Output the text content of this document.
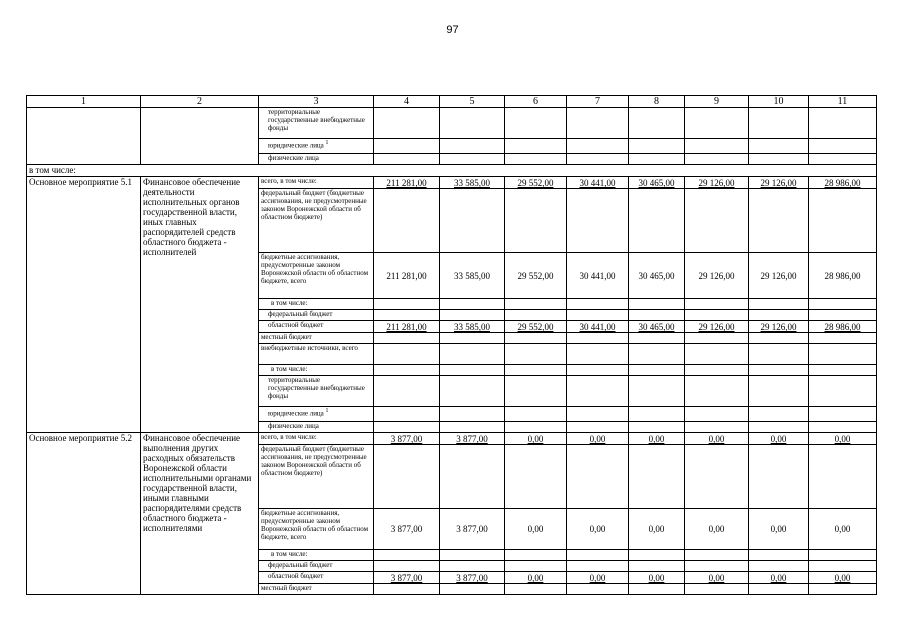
97
1	2	3	4	5	6	7	8	9	10	11
		территориальные государственные внебюджетные фонды								
		юридические лица $^1$								
		физические лица								
в том числе:										
Основное мероприятие 5.1	Финансовое обеспечение деятельности исполнительных органов государственной власти, иных главных распорядителей средств областного бюджета - исполнителей	всего, в том числе:	211 281,00	33 585,00	29 552,00	30 441,00	30 465,00	29 126,00	29 126,00	28 986,00
		федеральный бюджет (бюджетные ассигнования, не предусмотренные законом Воронежской области об областном бюджете)								
		бюджетные ассигнования, предусмотренные законом Воронежской области об областном бюджете, всего	211 281,00	33 585,00	29 552,00	30 441,00	30 465,00	29 126,00	29 126,00	28 986,00
		в том числе:								
		федеральный бюджет								
		областной бюджет	211 281,00	33 585,00	29 552,00	30 441,00	30 465,00	29 126,00	29 126,00	28 986,00
		местный бюджет								
		внебюджетные источники, всего								
		в том числе:								
		территориальные государственные внебюджетные фонды								
		юридические лица $^1$								
		физические лица								
Основное мероприятие 5.2	Финансовое обеспечение выполнения других расходных обязательств Воронежской области исполнительными органами государственной власти, иными главными распорядителями средств областного бюджета - исполнителями	всего, в том числе:	3 877,00	3 877,00	0,00	0,00	0,00	0,00	0,00	0,00
		федеральный бюджет (бюджетные ассигнования, не предусмотренные законом Воронежской области об областном бюджете)								
		бюджетные ассигнования, предусмотренные законом Воронежской области об областном бюджете, всего	3 877,00	3 877,00	0,00	0,00	0,00	0,00	0,00	0,00
		в том числе:								
		федеральный бюджет								
		областной бюджет	3 877,00	3 877,00	0,00	0,00	0,00	0,00	0,00	0,00
		местный бюджет								
